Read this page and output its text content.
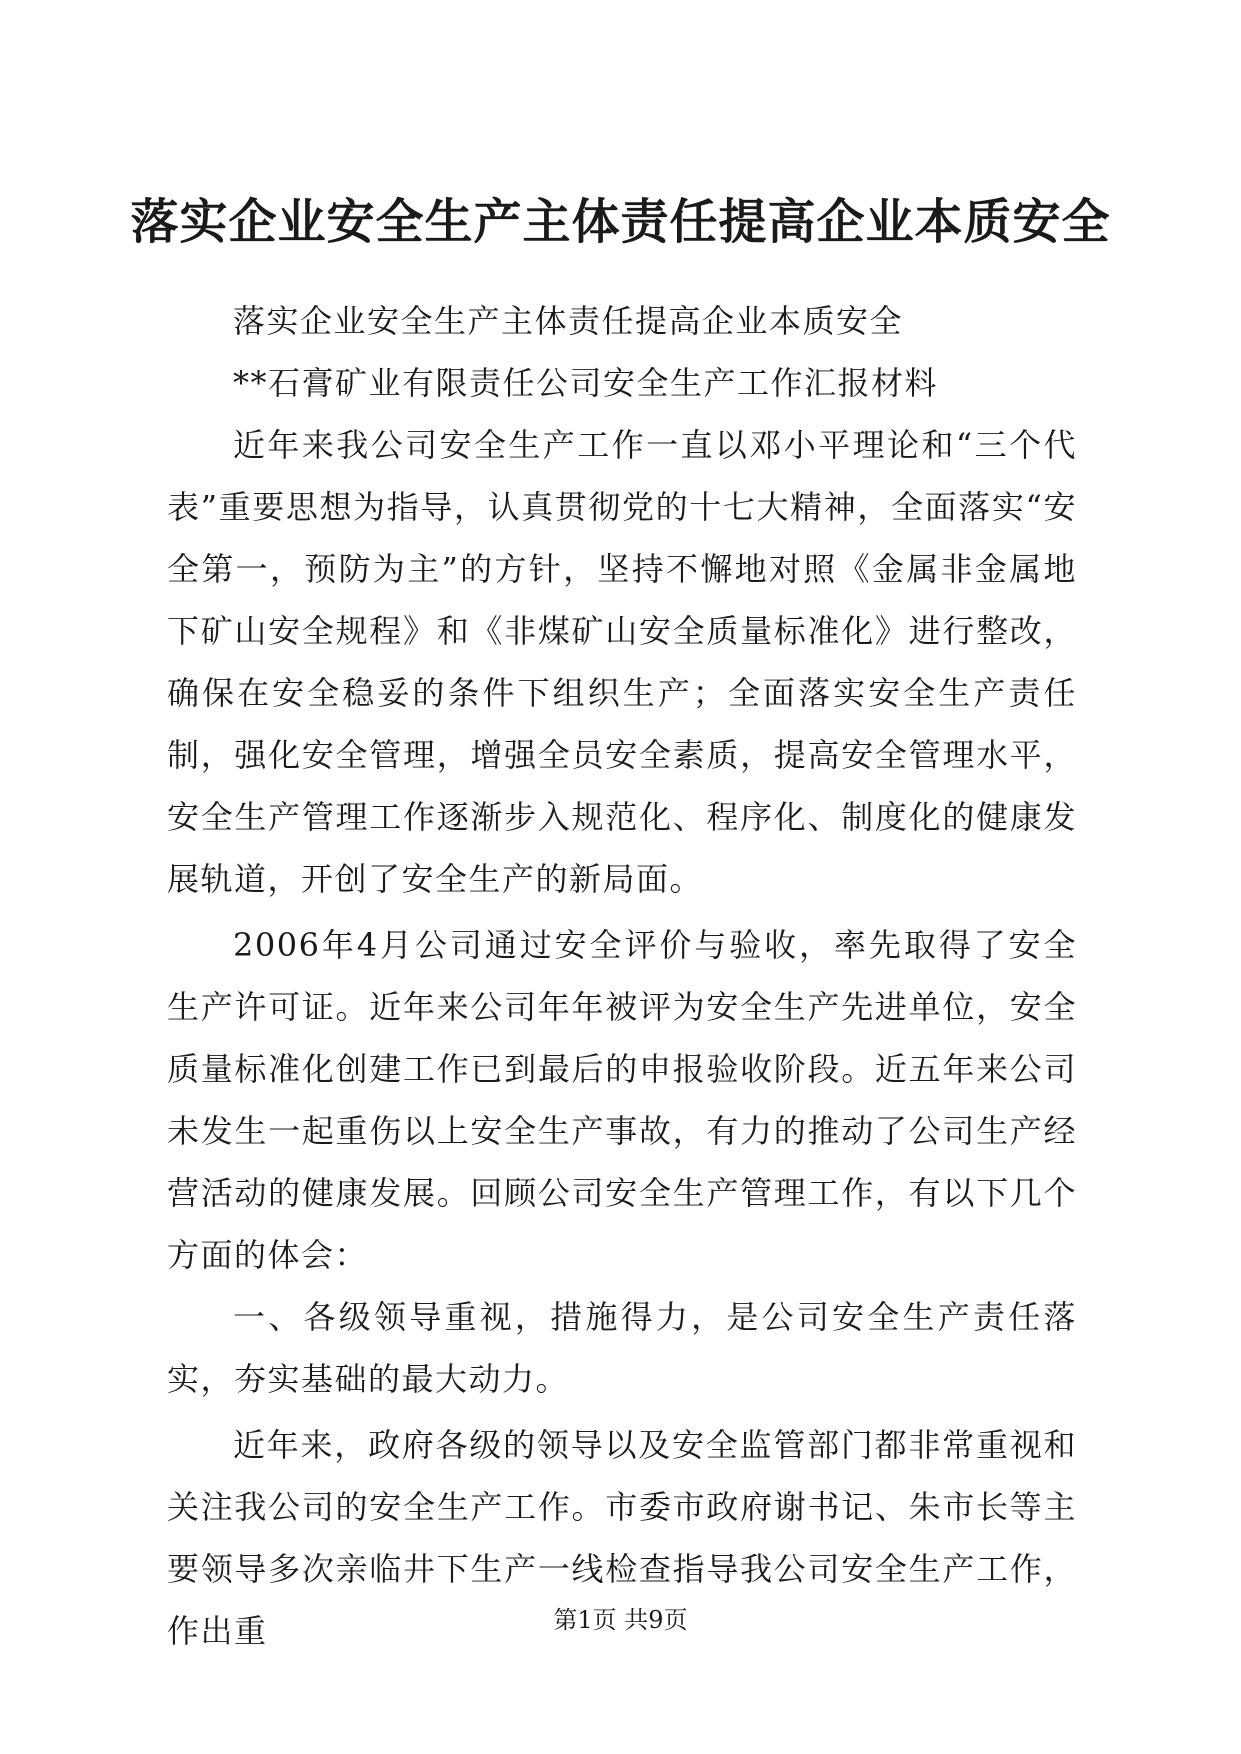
落实企业安全生产主体责任提高企业本质安全

落实企业安全生产主体责任提高企业本质安全

**石膏矿业有限责任公司安全生产工作汇报材料

近年来我公司安全生产工作一直以邓小平理论和“三个代表”重要思想为指导，认真贯彻党的十七大精神，全面落实“安全第一，预防为主”的方针，坚持不懈地对照《金属非金属地下矿山安全规程》和《非煤矿山安全质量标准化》进行整改，确保在安全稳妥的条件下组织生产；全面落实安全生产责任制，强化安全管理，增强全员安全素质，提高安全管理水平，安全生产管理工作逐渐步入规范化、程序化、制度化的健康发展轨道，开创了安全生产的新局面。

2006年4月公司通过安全评价与验收，率先取得了安全生产许可证。近年来公司年年被评为安全生产先进单位，安全质量标准化创建工作已到最后的申报验收阶段。近五年来公司未发生一起重伤以上安全生产事故，有力的推动了公司生产经营活动的健康发展。回顾公司安全生产管理工作，有以下几个方面的体会：

一、各级领导重视，措施得力，是公司安全生产责任落实，夯实基础的最大动力。

近年来，政府各级的领导以及安全监管部门都非常重视和关注我公司的安全生产工作。市委市政府谢书记、朱市长等主要领导多次亲临井下生产一线检查指导我公司安全生产工作，作出重	第1页 共9页
